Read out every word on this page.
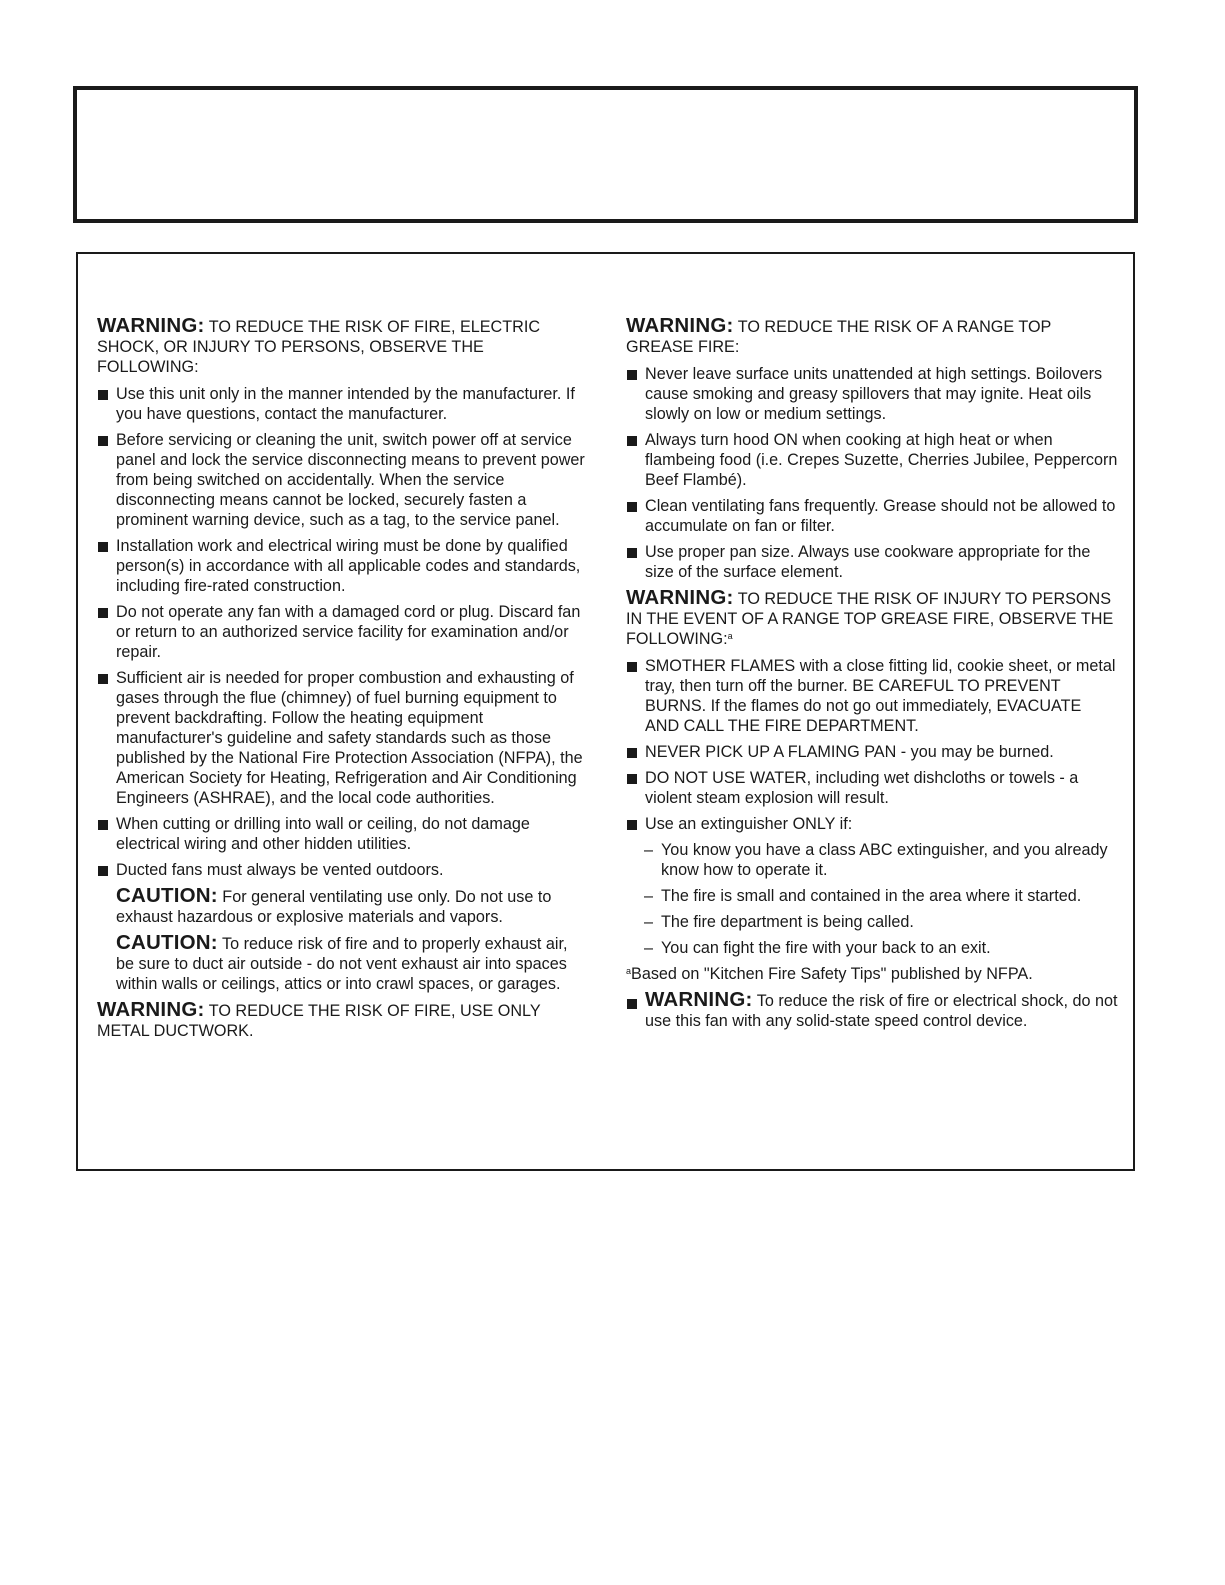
WARNING: TO REDUCE THE RISK OF FIRE, ELECTRIC SHOCK, OR INJURY TO PERSONS, OBSERVE THE FOLLOWING:

Use this unit only in the manner intended by the manufacturer. If you have questions, contact the manufacturer.
Before servicing or cleaning the unit, switch power off at service panel and lock the service disconnecting means to prevent power from being switched on accidentally. When the service disconnecting means cannot be locked, securely fasten a prominent warning device, such as a tag, to the service panel.
Installation work and electrical wiring must be done by qualified person(s) in accordance with all applicable codes and standards, including fire-rated construction.
Do not operate any fan with a damaged cord or plug. Discard fan or return to an authorized service facility for examination and/or repair.
Sufficient air is needed for proper combustion and exhausting of gases through the flue (chimney) of fuel burning equipment to prevent backdrafting. Follow the heating equipment manufacturer's guideline and safety standards such as those published by the National Fire Protection Association (NFPA), the American Society for Heating, Refrigeration and Air Conditioning Engineers (ASHRAE), and the local code authorities.
When cutting or drilling into wall or ceiling, do not damage electrical wiring and other hidden utilities.
Ducted fans must always be vented outdoors.
CAUTION: For general ventilating use only. Do not use to exhaust hazardous or explosive materials and vapors.
CAUTION: To reduce risk of fire and to properly exhaust air, be sure to duct air outside - do not vent exhaust air into spaces within walls or ceilings, attics or into crawl spaces, or garages.

WARNING: TO REDUCE THE RISK OF FIRE, USE ONLY METAL DUCTWORK.

WARNING: TO REDUCE THE RISK OF A RANGE TOP GREASE FIRE:

Never leave surface units unattended at high settings. Boilovers cause smoking and greasy spillovers that may ignite. Heat oils slowly on low or medium settings.
Always turn hood ON when cooking at high heat or when flambeing food (i.e. Crepes Suzette, Cherries Jubilee, Peppercorn Beef Flambé).
Clean ventilating fans frequently. Grease should not be allowed to accumulate on fan or filter.
Use proper pan size. Always use cookware appropriate for the size of the surface element.

WARNING: TO REDUCE THE RISK OF INJURY TO PERSONS IN THE EVENT OF A RANGE TOP GREASE FIRE, OBSERVE THE FOLLOWING:$^a$

SMOTHER FLAMES with a close fitting lid, cookie sheet, or metal tray, then turn off the burner. BE CAREFUL TO PREVENT BURNS. If the flames do not go out immediately, EVACUATE AND CALL THE FIRE DEPARTMENT.
NEVER PICK UP A FLAMING PAN - you may be burned.
DO NOT USE WATER, including wet dishcloths or towels - a violent steam explosion will result.
Use an extinguisher ONLY if:
– You know you have a class ABC extinguisher, and you already know how to operate it.
– The fire is small and contained in the area where it started.
– The fire department is being called.
– You can fight the fire with your back to an exit.
$^a$Based on "Kitchen Fire Safety Tips" published by NFPA.
WARNING: To reduce the risk of fire or electrical shock, do not use this fan with any solid-state speed control device.
